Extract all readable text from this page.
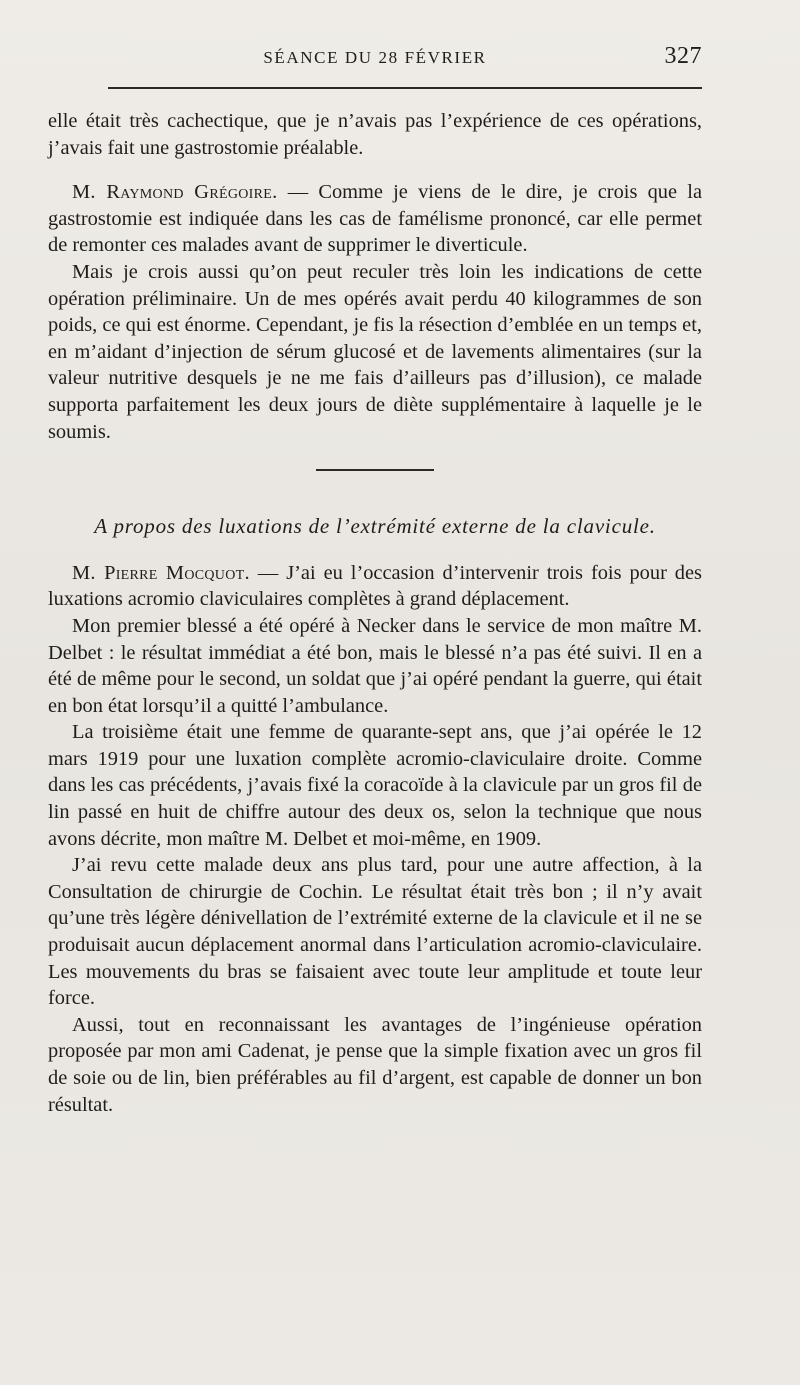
SÉANCE DU 28 FÉVRIER	327

elle était très cachectique, que je n’avais pas l’expérience de ces opérations, j’avais fait une gastrostomie préalable.

M. Raymond Grégoire. — Comme je viens de le dire, je crois que la gastrostomie est indiquée dans les cas de famélisme prononcé, car elle permet de remonter ces malades avant de supprimer le diverticule.

Mais je crois aussi qu’on peut reculer très loin les indications de cette opération préliminaire. Un de mes opérés avait perdu 40 kilogrammes de son poids, ce qui est énorme. Cependant, je fis la résection d’emblée en un temps et, en m’aidant d’injection de sérum glucosé et de lavements alimentaires (sur la valeur nutritive desquels je ne me fais d’ailleurs pas d’illusion), ce malade supporta parfaitement les deux jours de diète supplémentaire à laquelle je le soumis.

A propos des luxations de l’extrémité externe de la clavicule.

M. Pierre Mocquot. — J’ai eu l’occasion d’intervenir trois fois pour des luxations acromio claviculaires complètes à grand déplacement.

Mon premier blessé a été opéré à Necker dans le service de mon maître M. Delbet : le résultat immédiat a été bon, mais le blessé n’a pas été suivi. Il en a été de même pour le second, un soldat que j’ai opéré pendant la guerre, qui était en bon état lorsqu’il a quitté l’ambulance.

La troisième était une femme de quarante-sept ans, que j’ai opérée le 12 mars 1919 pour une luxation complète acromio-claviculaire droite. Comme dans les cas précédents, j’avais fixé la coracoïde à la clavicule par un gros fil de lin passé en huit de chiffre autour des deux os, selon la technique que nous avons décrite, mon maître M. Delbet et moi-même, en 1909.

J’ai revu cette malade deux ans plus tard, pour une autre affection, à la Consultation de chirurgie de Cochin. Le résultat était très bon ; il n’y avait qu’une très légère dénivellation de l’extrémité externe de la clavicule et il ne se produisait aucun déplacement anormal dans l’articulation acromio-claviculaire. Les mouvements du bras se faisaient avec toute leur amplitude et toute leur force.

Aussi, tout en reconnaissant les avantages de l’ingénieuse opération proposée par mon ami Cadenat, je pense que la simple fixation avec un gros fil de soie ou de lin, bien préférables au fil d’argent, est capable de donner un bon résultat.
